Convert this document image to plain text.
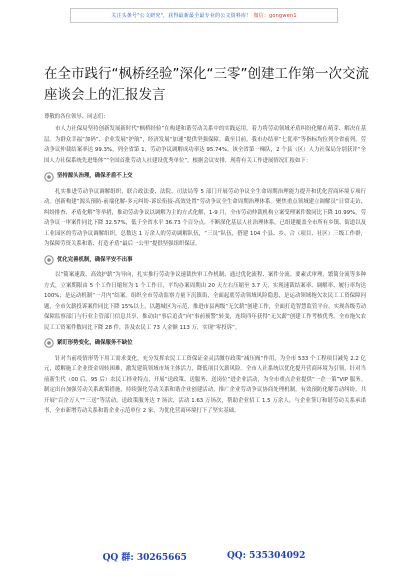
关注头条号"公文研究"，获得最新最全最专业的公文资料库！ 微信：gongwen1
在全市践行“枫桥经验”深化“三零”创建工作第一次交流座谈会上的汇报发言
尊敬的各位领导、同志们：

市人力社保局坚持创新发展新时代“枫桥经验”在构建和谐劳动关系中的实践运用，着力将劳动领域矛盾纠纷化解在萌芽、解决在基层。为群众幸福“加码”、企业发展“护航”，经济发展“加速”提供坚强保障。截至目前，我市办结率“七优率”等指标均位列全省前列，劳动争议仲裁结案率达 99.3%，列全省第 1，劳动争议调解成功率达 95.74%。该全省第一梯队，2 个县（区）人力社保局分别获评“全国人力社保系统先进集体”“全国首批劳动人社建设优秀单位”。根据会议安排，现将有关工作进展情况汇报如下：

坚持源头治理，确保矛盾不上交

扎实推进劳动争议调解组织，联合政法委、法院、司法局等 5 部门开展劳动争议全生命周期治理能力提升和优化营商环境专项行动。创新构建“源头预防-前端化解-多元纠纷-诉讼衔接-高效处置”劳动争议全生命周期治理体系。聚焦重点领域建立调解员“日常走访、纠纷排查、矛盾化解”等举措，推动劳动争议以调解为主的方式化解，1-9 月，全市劳动仲裁机构立案受理案件数同比下降 10.99%，劳动争议一审案件同比下降 32.57%，低于全省水平 36.73 个百分点。不断深化基层人社治理体系，已组建覆盖全市所有乡镇、街道以及工业园区的劳动争议调解组织，总数达 1 万余人的劳动调解队伍，“三员”队伍，搭建 104 个县、乡、合（项目、社区）三级工作群，为保障劳资关系和谐、打造矛盾“最后一公里”提供坚强组织保证。

优化完善机制，确保平安不出事

以“简案速裁、高效护薪”为导向，扎实推行劳动争议速裁快审工作机制，通过优化流程、案件分流、要素式审理、繁简分流等多种方式，立案期限由 5 个工作日缩短为 1 个工作日，平均办案周期由 20 天左右压缩至 3.7 天，实现速裁结案率、调解率、履行率均达 100%；是运动机制“一月内”结案。组织全市劳动监察力量下沉镇街，全面起底劳动领域风险隐患，是运动领域拖欠农民工工资保障问题，全市欠薪投诉案件同比下降 15%以上，以越城区为示范，推进市县两级“无欠薪”创建工作，全面打造智慧监管平台，实现各级劳动保障监察部门与行业主管部门信息共享，推动由“事后追责”向“事前预警”转变，连续四年获得“无欠薪”创建工作考核优秀。全市拖欠农民工工资案件数同比下降 28 件，涉及农民工 73 人金额 113 万，实现“零投诉”。

紧盯形势变化，确保服务不缺位

针对当前疫情形势下用工需求变化，充分发挥农民工工资保证金灵活缴存政策“减压阀”作用，为全市 533 个工程项目减免 2.2 亿元，缓解施工企业资金周转困难，激发建筑领域市场主体活力，降低项目欠薪风险。全市人社系统以优化提升营商环境为引领，针对当前新生代（00 后、95 后）农民工择业特点，开展“送政策、送服务、送岗位”进企业活动，为全市重点企业提供“一企一策”VIP 服务。制定出台加强劳动关系政策措施，持续强化劳动关系和谐企业创建活动，推广企业劳动争议协商处理机制，有效预防化解劳动纠纷。共开展“百企万人”“三送”等活动，送政策服务达 7 场次，活动 1.63 万场次，帮助企业招工 1.5 万余人，与企业签订和谐劳动关系承诺书，全市新增劳动关系和谐企业示范单位 2 家，为优化营商环境打下了坚实基础。

QQ 群: 30265665	QQ: 535304092
